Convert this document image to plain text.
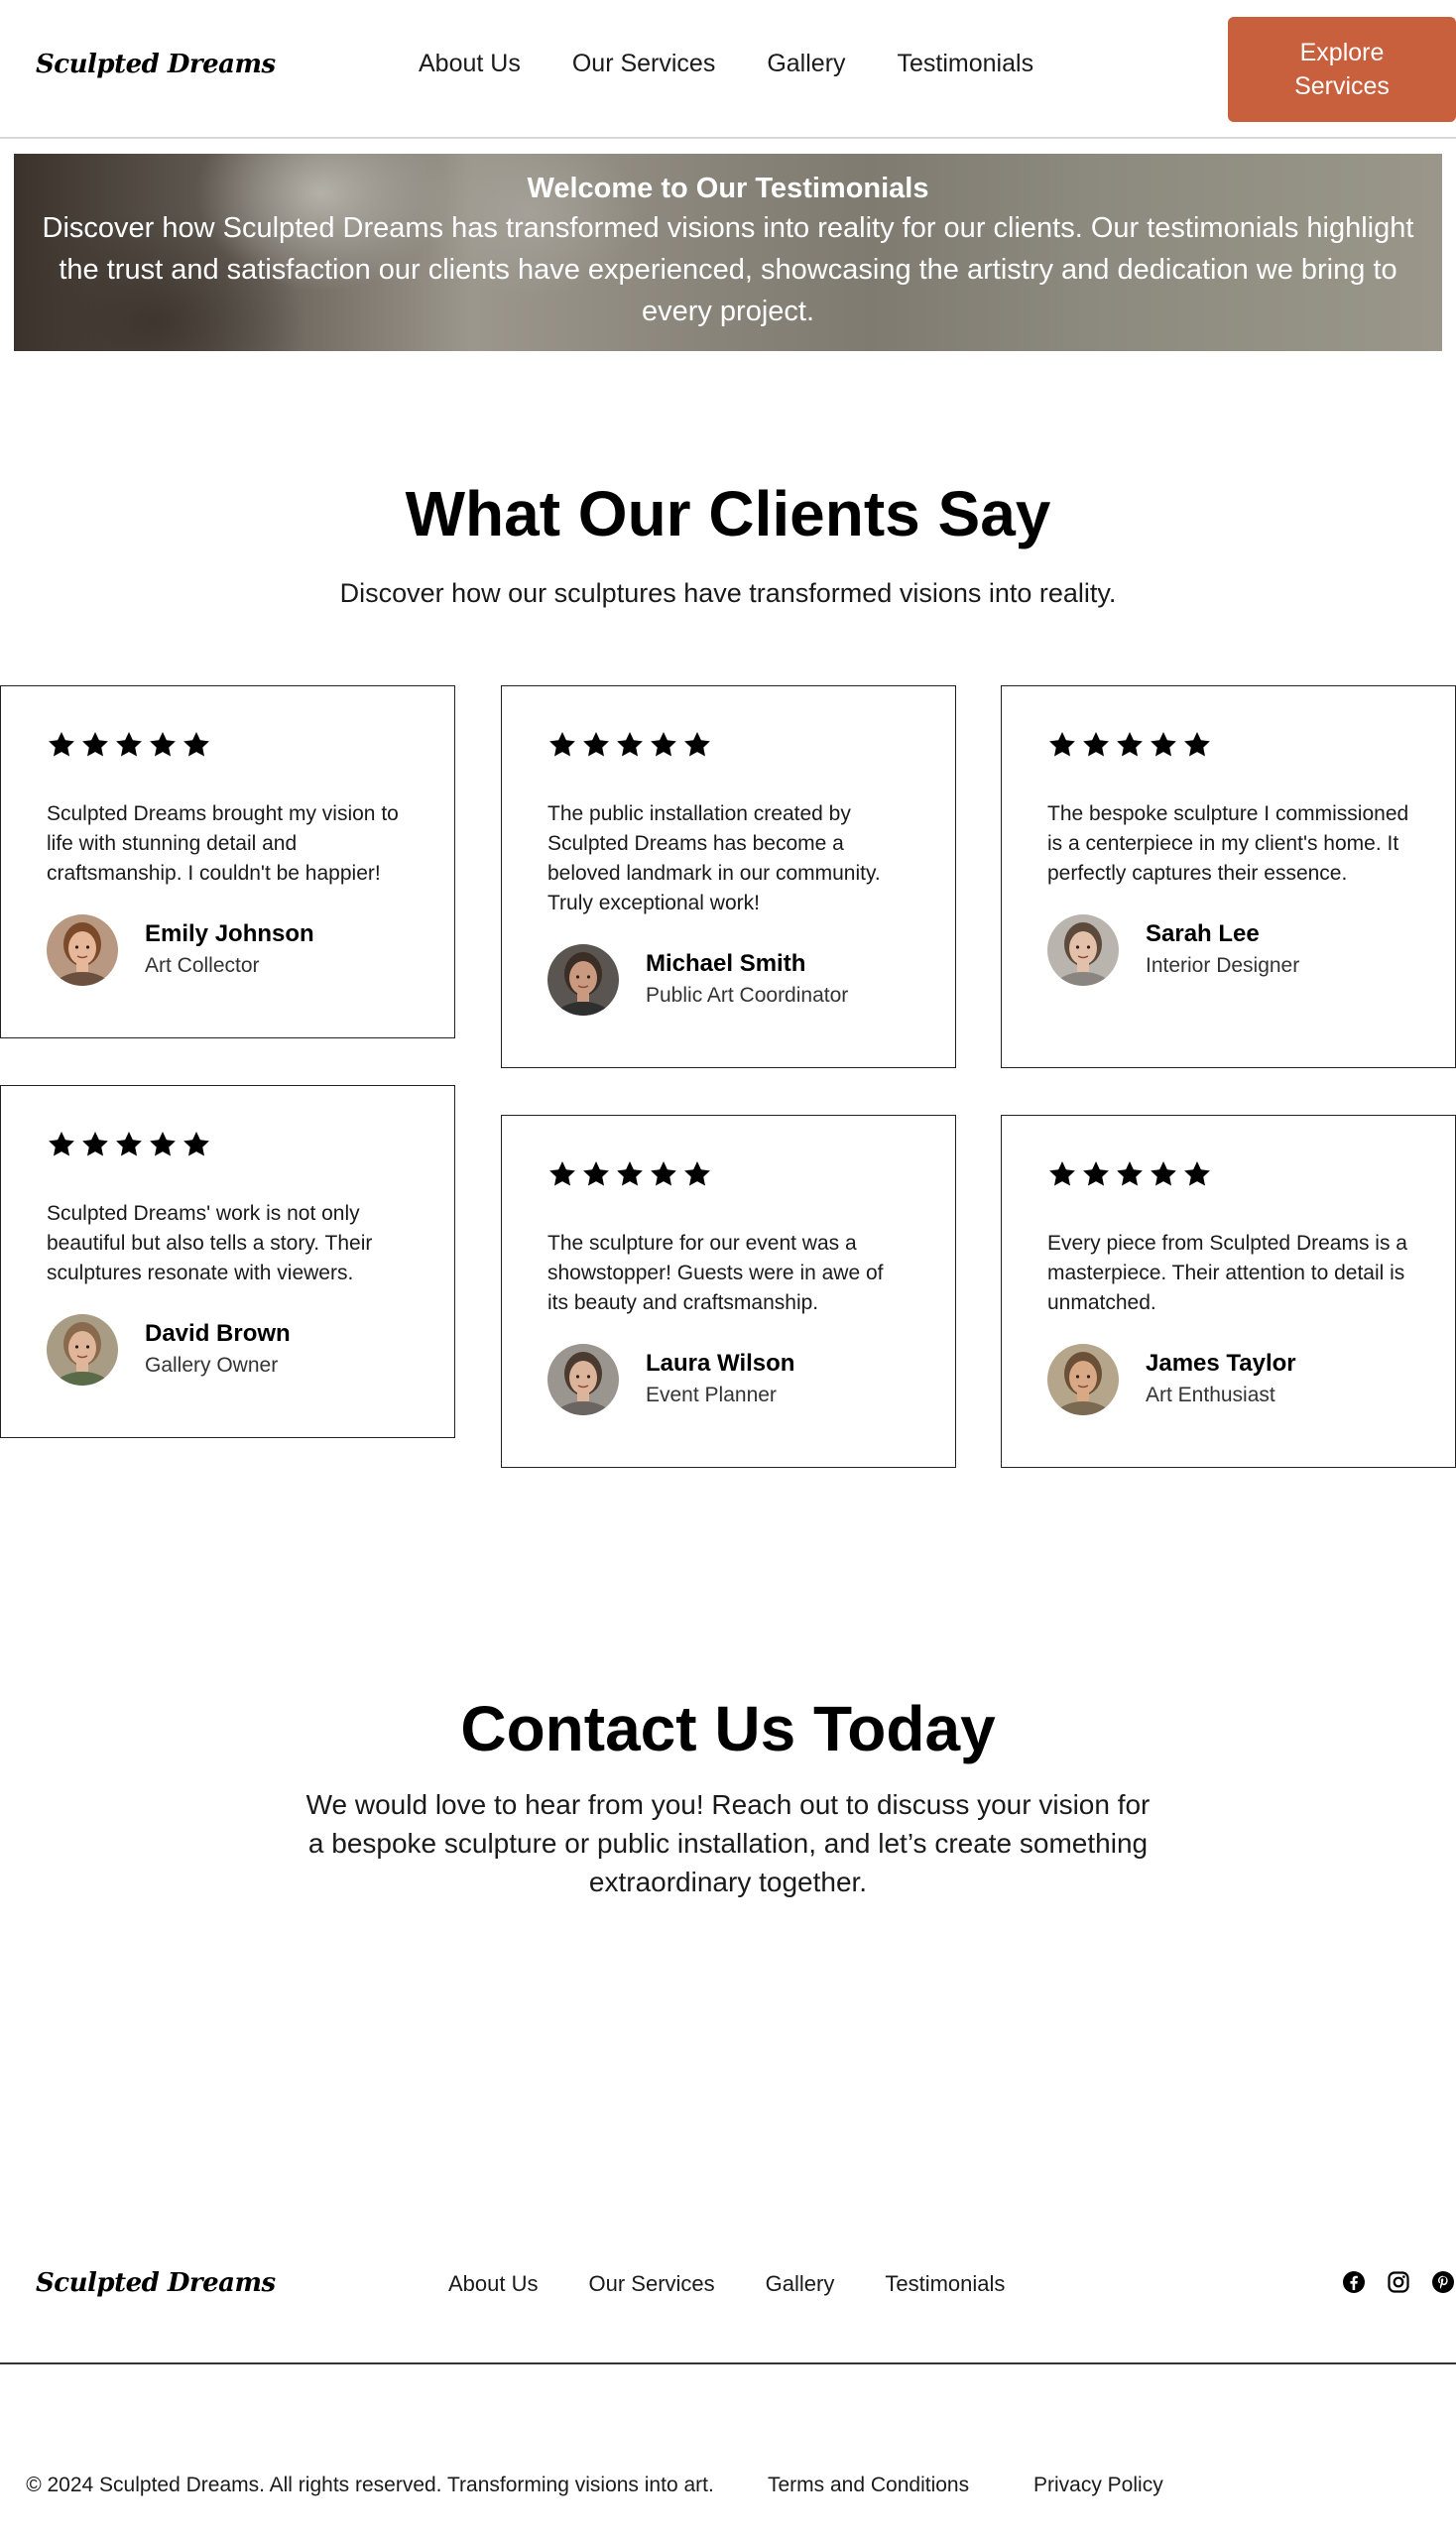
Sculpted Dreams	About Us Our Services Gallery Testimonials	Explore Services
Welcome to Our Testimonials
Discover how Sculpted Dreams has transformed visions into reality for our clients. Our testimonials highlight the trust and satisfaction our clients have experienced, showcasing the artistry and dedication we bring to every project.
What Our Clients Say

Discover how our sculptures have transformed visions into reality.

Sculpted Dreams brought my vision to life with stunning detail and craftsmanship. I couldn't be happier!

Emily Johnson
Art Collector

The public installation created by Sculpted Dreams has become a beloved landmark in our community. Truly exceptional work!

Michael Smith
Public Art Coordinator

The bespoke sculpture I commissioned is a centerpiece in my client's home. It perfectly captures their essence.

Sarah Lee
Interior Designer

Sculpted Dreams' work is not only beautiful but also tells a story. Their sculptures resonate with viewers.

David Brown
Gallery Owner

The sculpture for our event was a showstopper! Guests were in awe of its beauty and craftsmanship.

Laura Wilson
Event Planner

Every piece from Sculpted Dreams is a masterpiece. Their attention to detail is unmatched.

James Taylor
Art Enthusiast
Contact Us Today

We would love to hear from you! Reach out to discuss your vision for a bespoke sculpture or public installation, and let’s create something extraordinary together.

Sculpted Dreams	About Us Our Services Gallery Testimonials

© 2024 Sculpted Dreams. All rights reserved. Transforming visions into art.	Terms and Conditions	Privacy Policy
